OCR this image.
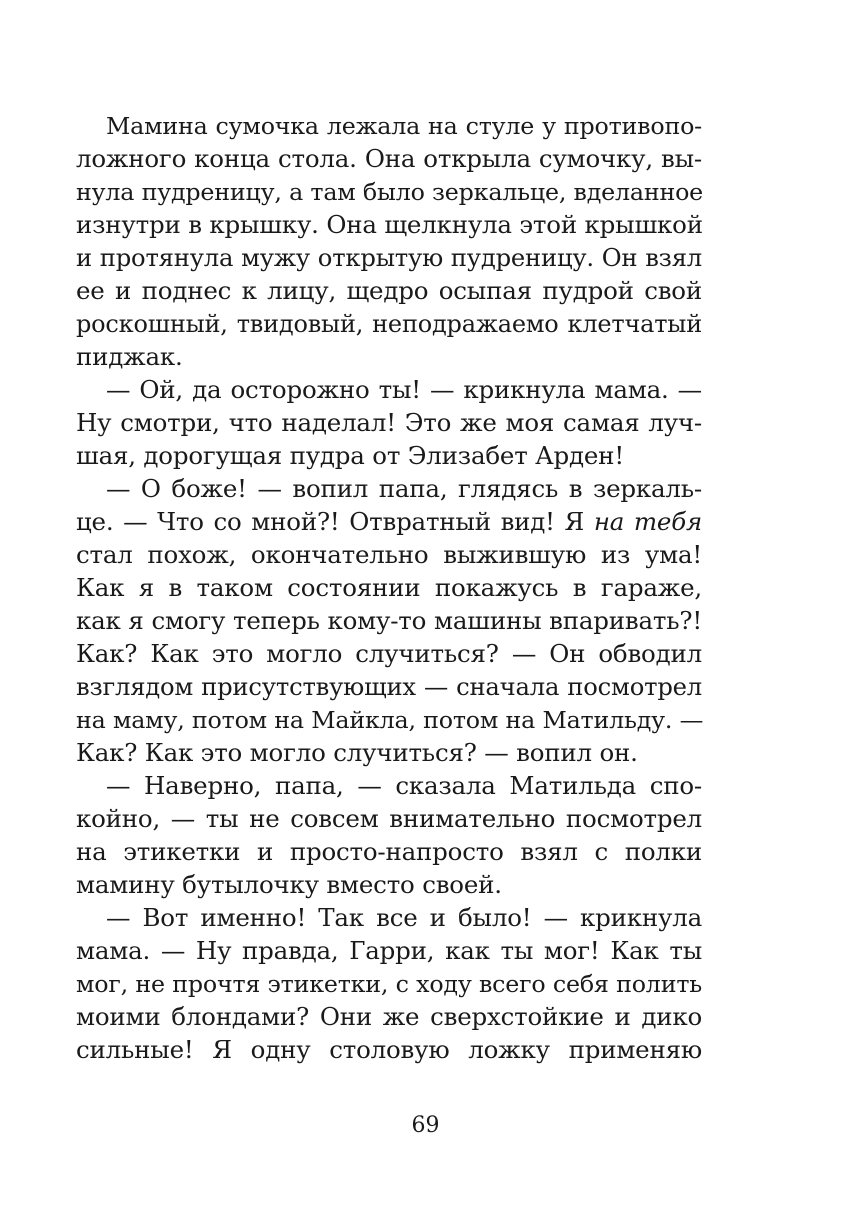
Мамина сумочка лежала на стуле у противопо-
ложного конца стола. Она открыла сумочку, вы-
нула пудреницу, а там было зеркальце, вделанное
изнутри в крышку. Она щелкнула этой крышкой
и протянула мужу открытую пудреницу. Он взял
ее и поднес к лицу, щедро осыпая пудрой свой
роскошный, твидовый, неподражаемо клетчатый
пиджак.
— Ой, да осторожно ты! — крикнула мама. —
Ну смотри, что наделал! Это же моя самая луч-
шая, дорогущая пудра от Элизабет Арден!
— О боже! — вопил папа, глядясь в зеркаль-
це. — Что со мной?! Отвратный вид! Я на тебя
стал похож, окончательно выжившую из ума!
Как я в таком состоянии покажусь в гараже,
как я смогу теперь кому-то машины впаривать?!
Как? Как это могло случиться? — Он обводил
взглядом присутствующих — сначала посмотрел
на маму, потом на Майкла, потом на Матильду. —
Как? Как это могло случиться? — вопил он.
— Наверно, папа, — сказала Матильда спо-
койно, — ты не совсем внимательно посмотрел
на этикетки и просто-напросто взял с полки
мамину бутылочку вместо своей.
— Вот именно! Так все и было! — крикнула
мама. — Ну правда, Гарри, как ты мог! Как ты
мог, не прочтя этикетки, с ходу всего себя полить
моими блондами? Они же сверхстойкие и дико
сильные! Я одну столовую ложку применяю
69
